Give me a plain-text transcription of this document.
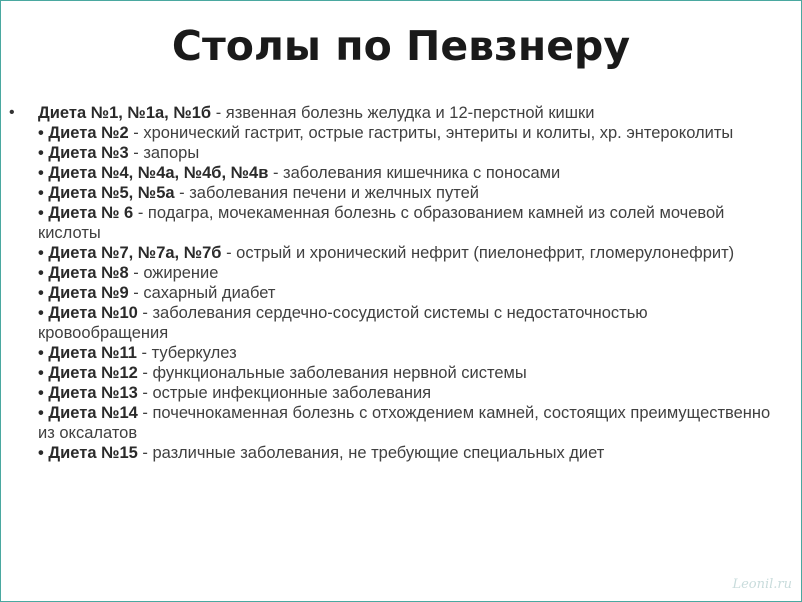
Столы по Певзнеру
• Диета №1, №1а, №1б - язвенная болезнь желудка и 12-перстной кишки

• Диета №2 - хронический гастрит, острые гастриты, энтериты и колиты, хр. энтероколиты

• Диета №3 - запоры

• Диета №4, №4а, №4б, №4в - заболевания кишечника с поносами

• Диета №5, №5а - заболевания печени и желчных путей

• Диета № 6 - подагра, мочекаменная болезнь с образованием камней из солей мочевой кислоты

• Диета №7, №7а, №7б - острый и хронический нефрит (пиелонефрит, гломерулонефрит)

• Диета №8 - ожирение

• Диета №9 - сахарный диабет

• Диета №10 - заболевания сердечно-сосудистой системы с недостаточностью кровообращения

• Диета №11 - туберкулез

• Диета №12 - функциональные заболевания нервной системы

• Диета №13 - острые инфекционные заболевания

• Диета №14 - почечнокаменная болезнь с отхождением камней, состоящих преимущественно из оксалатов

• Диета №15 - различные заболевания, не требующие специальных диет

Leonil.ru
